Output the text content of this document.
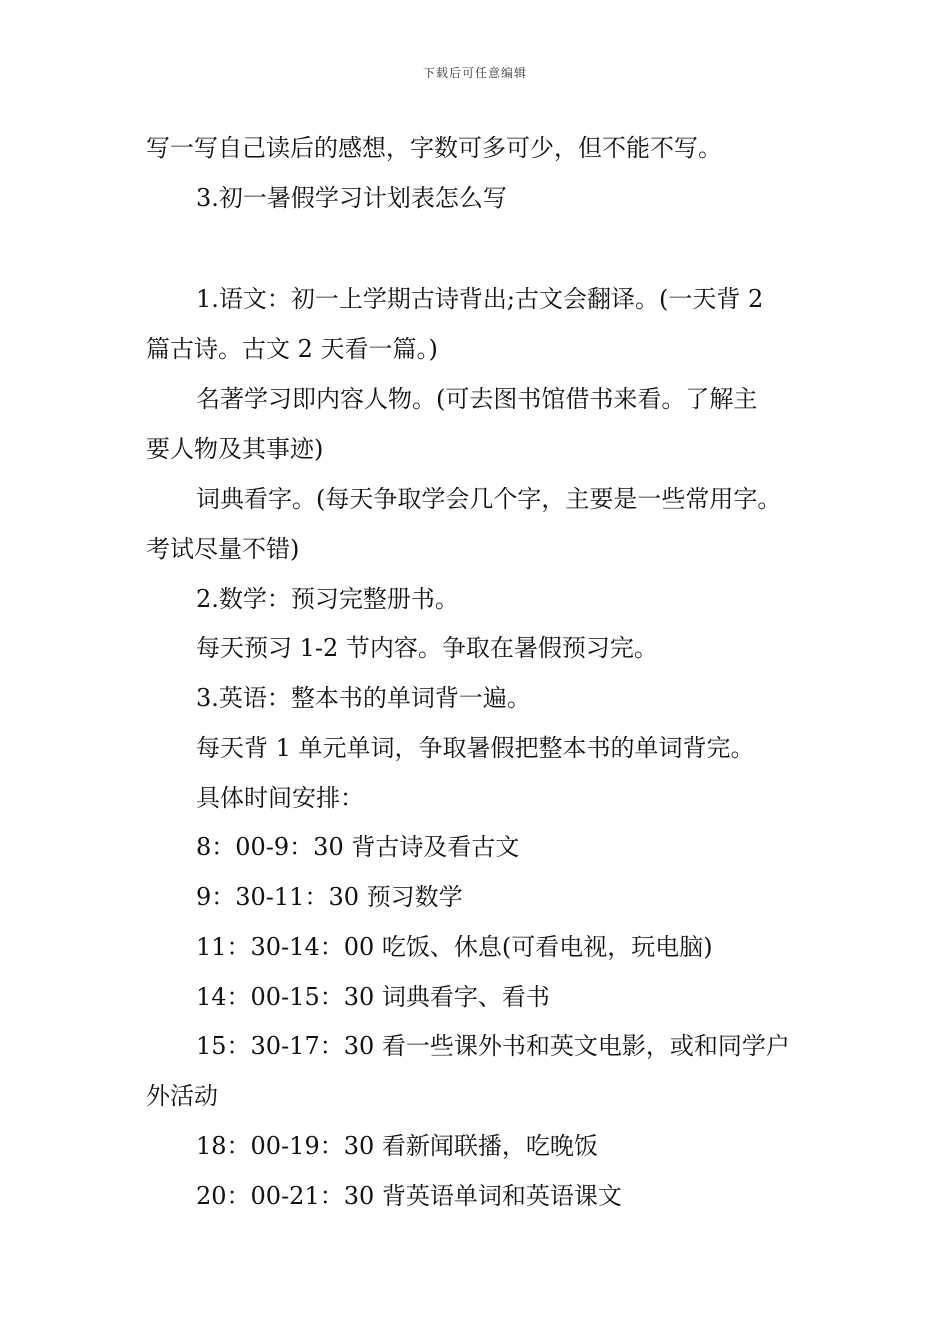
下载后可任意编辑
写一写自己读后的感想，字数可多可少，但不能不写。
3.初一暑假学习计划表怎么写
1.语文：初一上学期古诗背出;古文会翻译。(一天背 2
篇古诗。古文 2 天看一篇。)
名著学习即内容人物。(可去图书馆借书来看。了解主
要人物及其事迹)
词典看字。(每天争取学会几个字，主要是一些常用字。
考试尽量不错)
2.数学：预习完整册书。
每天预习 1-2 节内容。争取在暑假预习完。
3.英语：整本书的单词背一遍。
每天背 1 单元单词，争取暑假把整本书的单词背完。
具体时间安排：
8：00-9：30 背古诗及看古文
9：30-11：30 预习数学
11：30-14：00 吃饭、休息(可看电视，玩电脑)
14：00-15：30 词典看字、看书
15：30-17：30 看一些课外书和英文电影，或和同学户
外活动
18：00-19：30 看新闻联播，吃晚饭
20：00-21：30 背英语单词和英语课文
